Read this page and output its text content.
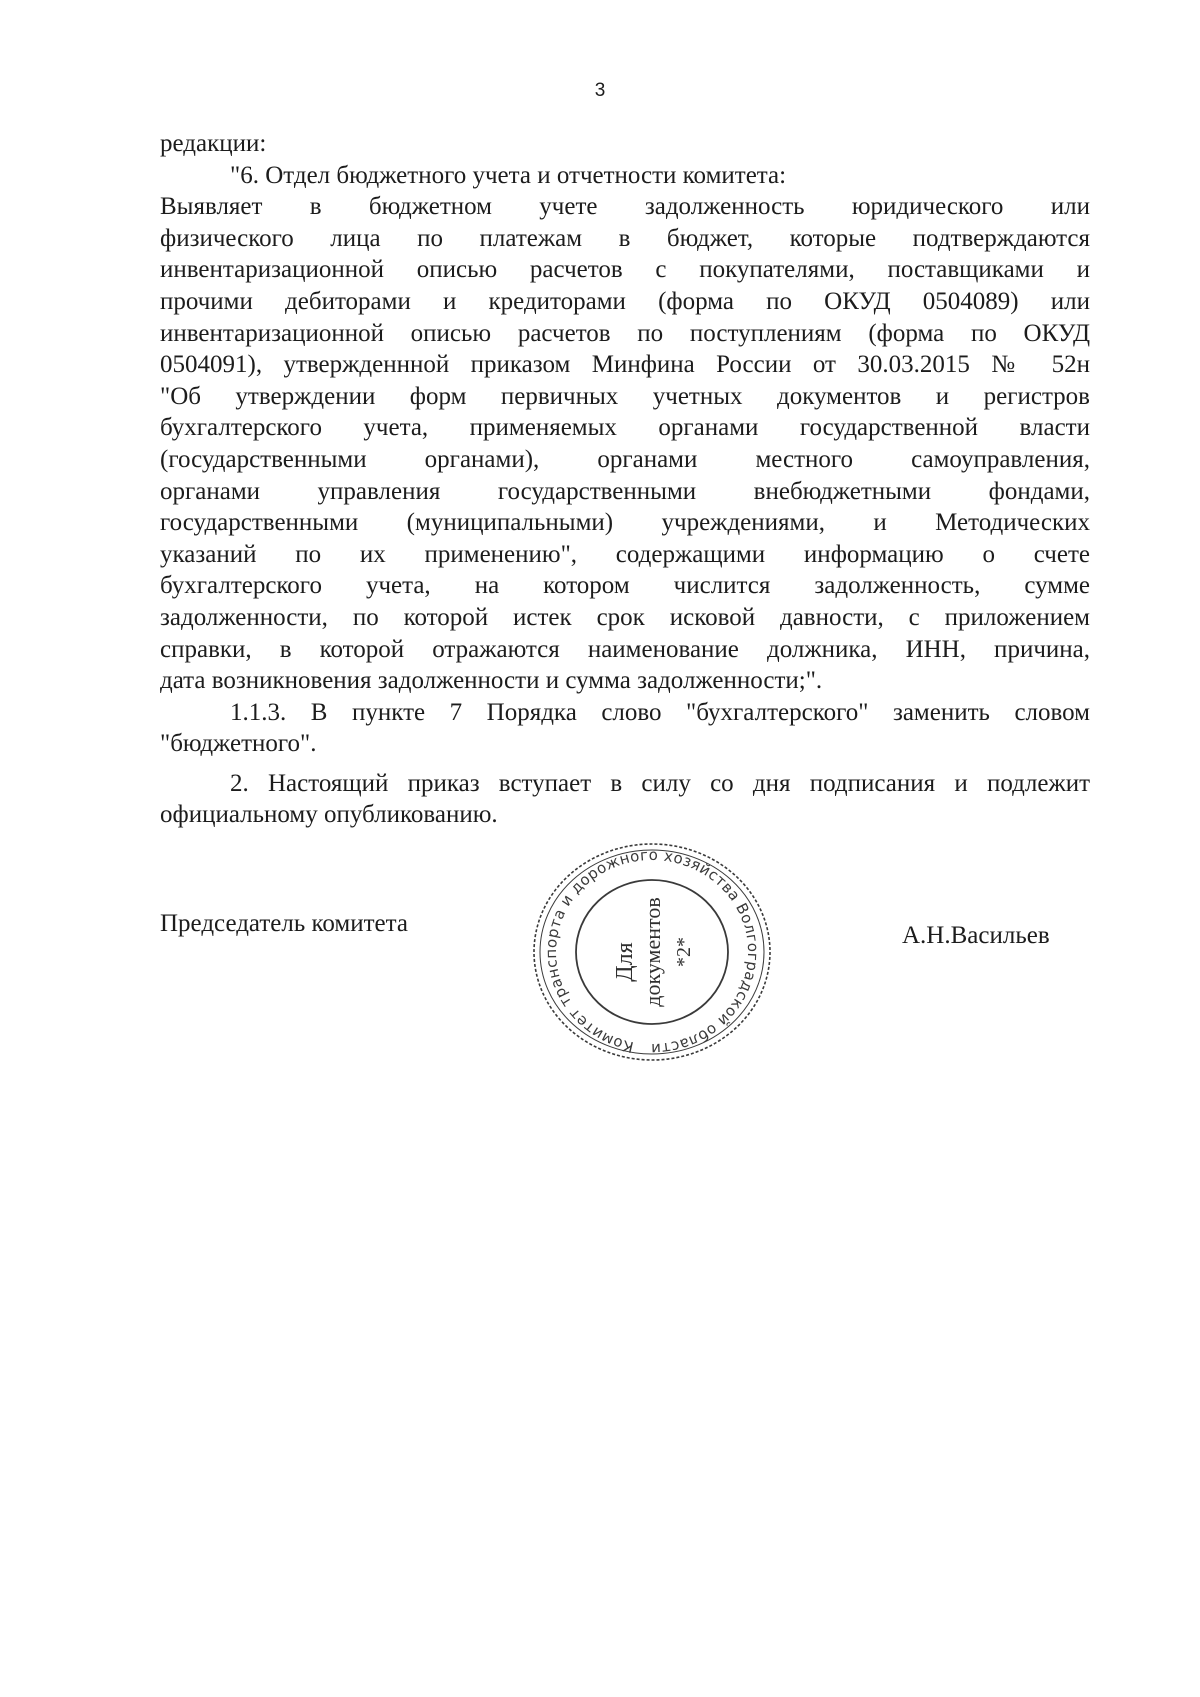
3
редакции:
"6. Отдел бюджетного учета и отчетности комитета:
Выявляет в бюджетном учете задолженность юридического или
физического лица по платежам в бюджет, которые подтверждаются
инвентаризационной описью расчетов с покупателями, поставщиками и
прочими дебиторами и кредиторами (форма по ОКУД 0504089) или
инвентаризационной описью расчетов по поступлениям (форма по ОКУД
0504091), утвержденнной приказом Минфина России от 30.03.2015 № 52н
"Об утверждении форм первичных учетных документов и регистров
бухгалтерского учета, применяемых органами государственной власти
(государственными органами), органами местного самоуправления,
органами управления государственными внебюджетными фондами,
государственными (муниципальными) учреждениями, и Методических
указаний по их применению", содержащими информацию о счете
бухгалтерского учета, на котором числится задолженность, сумме
задолженности, по которой истек срок исковой давности, с приложением
справки, в которой отражаются наименование должника, ИНН, причина,
дата возникновения задолженности и сумма задолженности;".
1.1.3. В пункте 7 Порядка слово "бухгалтерского" заменить словом
"бюджетного".
2. Настоящий приказ вступает в силу со дня подписания и подлежит
официальному опубликованию.
Председатель комитета	А.Н.Васильев
Комитет транспорта и дорожного хозяйства Волгоградской области
Для документов *2*
